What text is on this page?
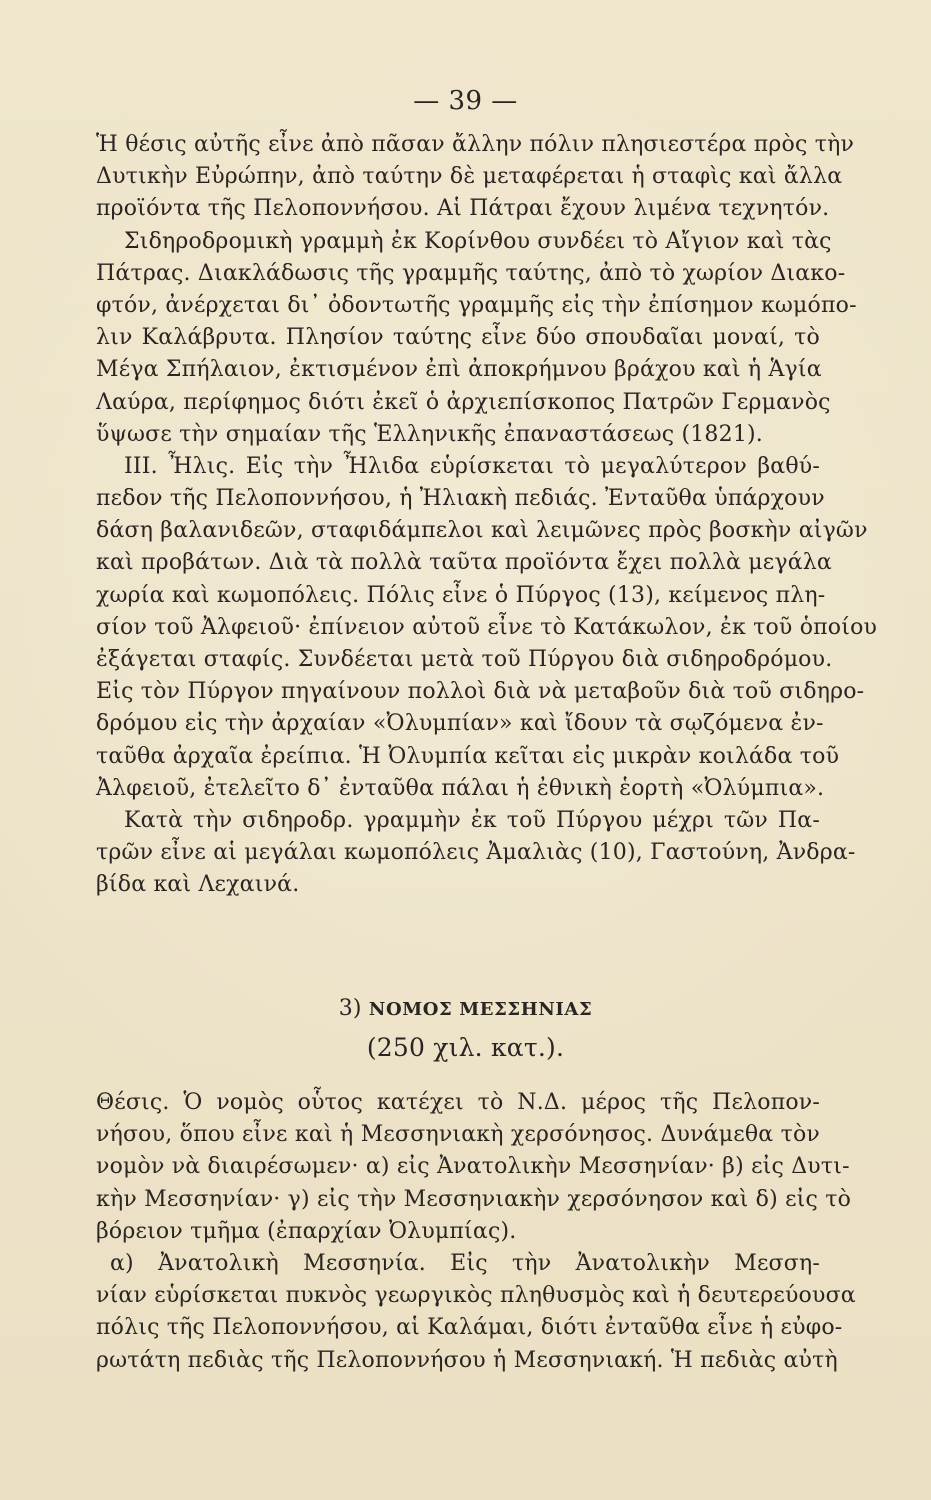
— 39 —
Ἡ θέσις αὐτῆς εἶνε ἀπὸ πᾶσαν ἄλλην πόλιν πλησιεστέρα πρὸς τὴν
Δυτικὴν Εὐρώπην, ἀπὸ ταύτην δὲ μεταφέρεται ἡ σταφὶς καὶ ἄλλα
προϊόντα τῆς Πελοποννήσου. Αἱ Πάτραι ἔχουν λιμένα τεχνητόν.
Σιδηροδρομικὴ γραμμὴ ἐκ Κορίνθου συνδέει τὸ Αἴγιον καὶ τὰς
Πάτρας. Διακλάδωσις τῆς γραμμῆς ταύτης, ἀπὸ τὸ χωρίον Διακο-
φτόν, ἀνέρχεται δι᾿ ὀδοντωτῆς γραμμῆς εἰς τὴν ἐπίσημον κωμόπο-
λιν Καλάβρυτα. Πλησίον ταύτης εἶνε δύο σπουδαῖαι μοναί, τὸ
Μέγα Σπήλαιον, ἐκτισμένον ἐπὶ ἀποκρήμνου βράχου καὶ ἡ Ἁγία
Λαύρα, περίφημος διότι ἐκεῖ ὁ ἀρχιεπίσκοπος Πατρῶν Γερμανὸς
ὕψωσε τὴν σημαίαν τῆς Ἑλληνικῆς ἐπαναστάσεως (1821).
III. Ἦλις. Εἰς τὴν Ἦλιδα εὑρίσκεται τὸ μεγαλύτερον βαθύ-
πεδον τῆς Πελοποννήσου, ἡ Ἠλιακὴ πεδιάς. Ἐνταῦθα ὑπάρχουν
δάση βαλανιδεῶν, σταφιδάμπελοι καὶ λειμῶνες πρὸς βοσκὴν αἰγῶν
καὶ προβάτων. Διὰ τὰ πολλὰ ταῦτα προϊόντα ἔχει πολλὰ μεγάλα
χωρία καὶ κωμοπόλεις. Πόλις εἶνε ὁ Πύργος (13), κείμενος πλη-
σίον τοῦ Ἀλφειοῦ· ἐπίνειον αὐτοῦ εἶνε τὸ Κατάκωλον, ἐκ τοῦ ὁποίου
ἐξάγεται σταφίς. Συνδέεται μετὰ τοῦ Πύργου διὰ σιδηροδρόμου.
Εἰς τὸν Πύργον πηγαίνουν πολλοὶ διὰ νὰ μεταβοῦν διὰ τοῦ σιδηρο-
δρόμου εἰς τὴν ἀρχαίαν «Ὀλυμπίαν» καὶ ἴδουν τὰ σῳζόμενα ἐν-
ταῦθα ἀρχαῖα ἐρείπια. Ἡ Ὀλυμπία κεῖται εἰς μικρὰν κοιλάδα τοῦ
Ἀλφειοῦ, ἐτελεῖτο δ᾿ ἐνταῦθα πάλαι ἡ ἐθνικὴ ἑορτὴ «Ὀλύμπια».
Κατὰ τὴν σιδηροδρ. γραμμὴν ἐκ τοῦ Πύργου μέχρι τῶν Πα-
τρῶν εἶνε αἱ μεγάλαι κωμοπόλεις Ἀμαλιὰς (10), Γαστούνη, Ἀνδρα-
βίδα καὶ Λεχαινά.
3) ΝΟΜΟΣ ΜΕΣΣΗΝΙΑΣ
(250 χιλ. κατ.).
Θέσις. Ὁ νομὸς οὗτος κατέχει τὸ Ν.Δ. μέρος τῆς Πελοπον-
νήσου, ὅπου εἶνε καὶ ἡ Μεσσηνιακὴ χερσόνησος. Δυνάμεθα τὸν
νομὸν νὰ διαιρέσωμεν· α) εἰς Ἀνατολικὴν Μεσσηνίαν· β) εἰς Δυτι-
κὴν Μεσσηνίαν· γ) εἰς τὴν Μεσσηνιακὴν χερσόνησον καὶ δ) εἰς τὸ
βόρειον τμῆμα (ἐπαρχίαν Ὀλυμπίας).
α) Ἀνατολικὴ Μεσσηνία. Εἰς τὴν Ἀνατολικὴν Μεσση-
νίαν εὑρίσκεται πυκνὸς γεωργικὸς πληθυσμὸς καὶ ἡ δευτερεύουσα
πόλις τῆς Πελοποννήσου, αἱ Καλάμαι, διότι ἐνταῦθα εἶνε ἡ εὐφο-
ρωτάτη πεδιὰς τῆς Πελοποννήσου ἡ Μεσσηνιακή. Ἡ πεδιὰς αὐτὴ
